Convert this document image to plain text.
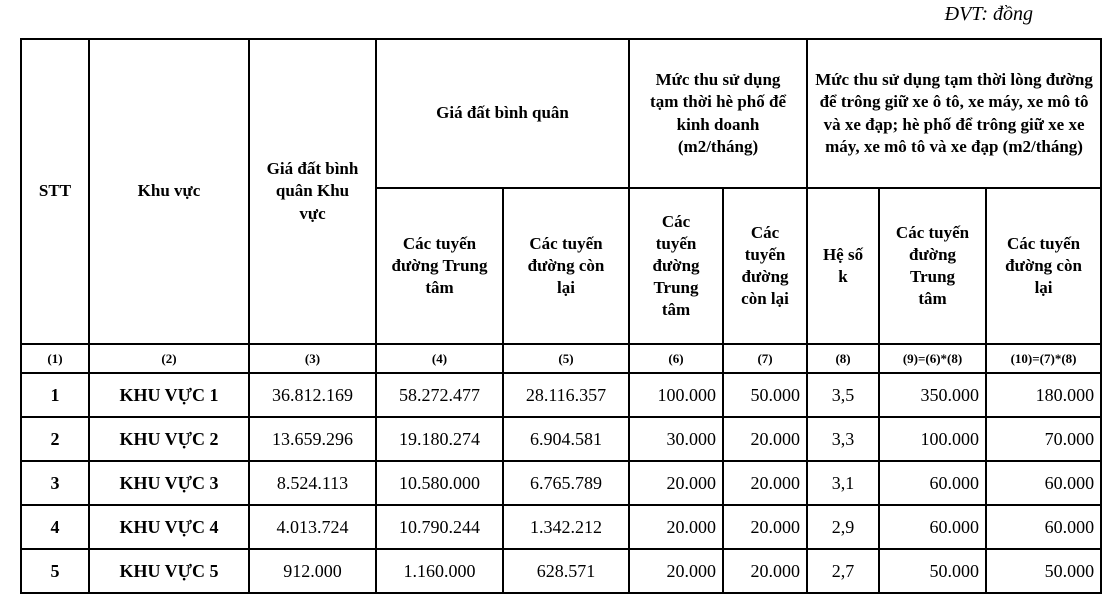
ĐVT: đồng
STT	Khu vực	Giá đất bình quân Khu vực	Giá đất bình quân		Mức thu sử dụng tạm thời hè phố để kinh doanh (m2/tháng)		Mức thu sử dụng tạm thời lòng đường để trông giữ xe ô tô, xe máy, xe mô tô và xe đạp; hè phố để trông giữ xe xe máy, xe mô tô và xe đạp (m2/tháng)		
			Các tuyến đường Trung tâm	Các tuyến đường còn lại	Các tuyến đường Trung tâm	Các tuyến đường còn lại	Hệ số k	Các tuyến đường Trung tâm	Các tuyến đường còn lại
(1)	(2)	(3)	(4)	(5)	(6)	(7)	(8)	(9)=(6)*(8)	(10)=(7)*(8)
1	KHU VỰC 1	36.812.169	58.272.477	28.116.357	100.000	50.000	3,5	350.000	180.000
2	KHU VỰC 2	13.659.296	19.180.274	6.904.581	30.000	20.000	3,3	100.000	70.000
3	KHU VỰC 3	8.524.113	10.580.000	6.765.789	20.000	20.000	3,1	60.000	60.000
4	KHU VỰC 4	4.013.724	10.790.244	1.342.212	20.000	20.000	2,9	60.000	60.000
5	KHU VỰC 5	912.000	1.160.000	628.571	20.000	20.000	2,7	50.000	50.000
